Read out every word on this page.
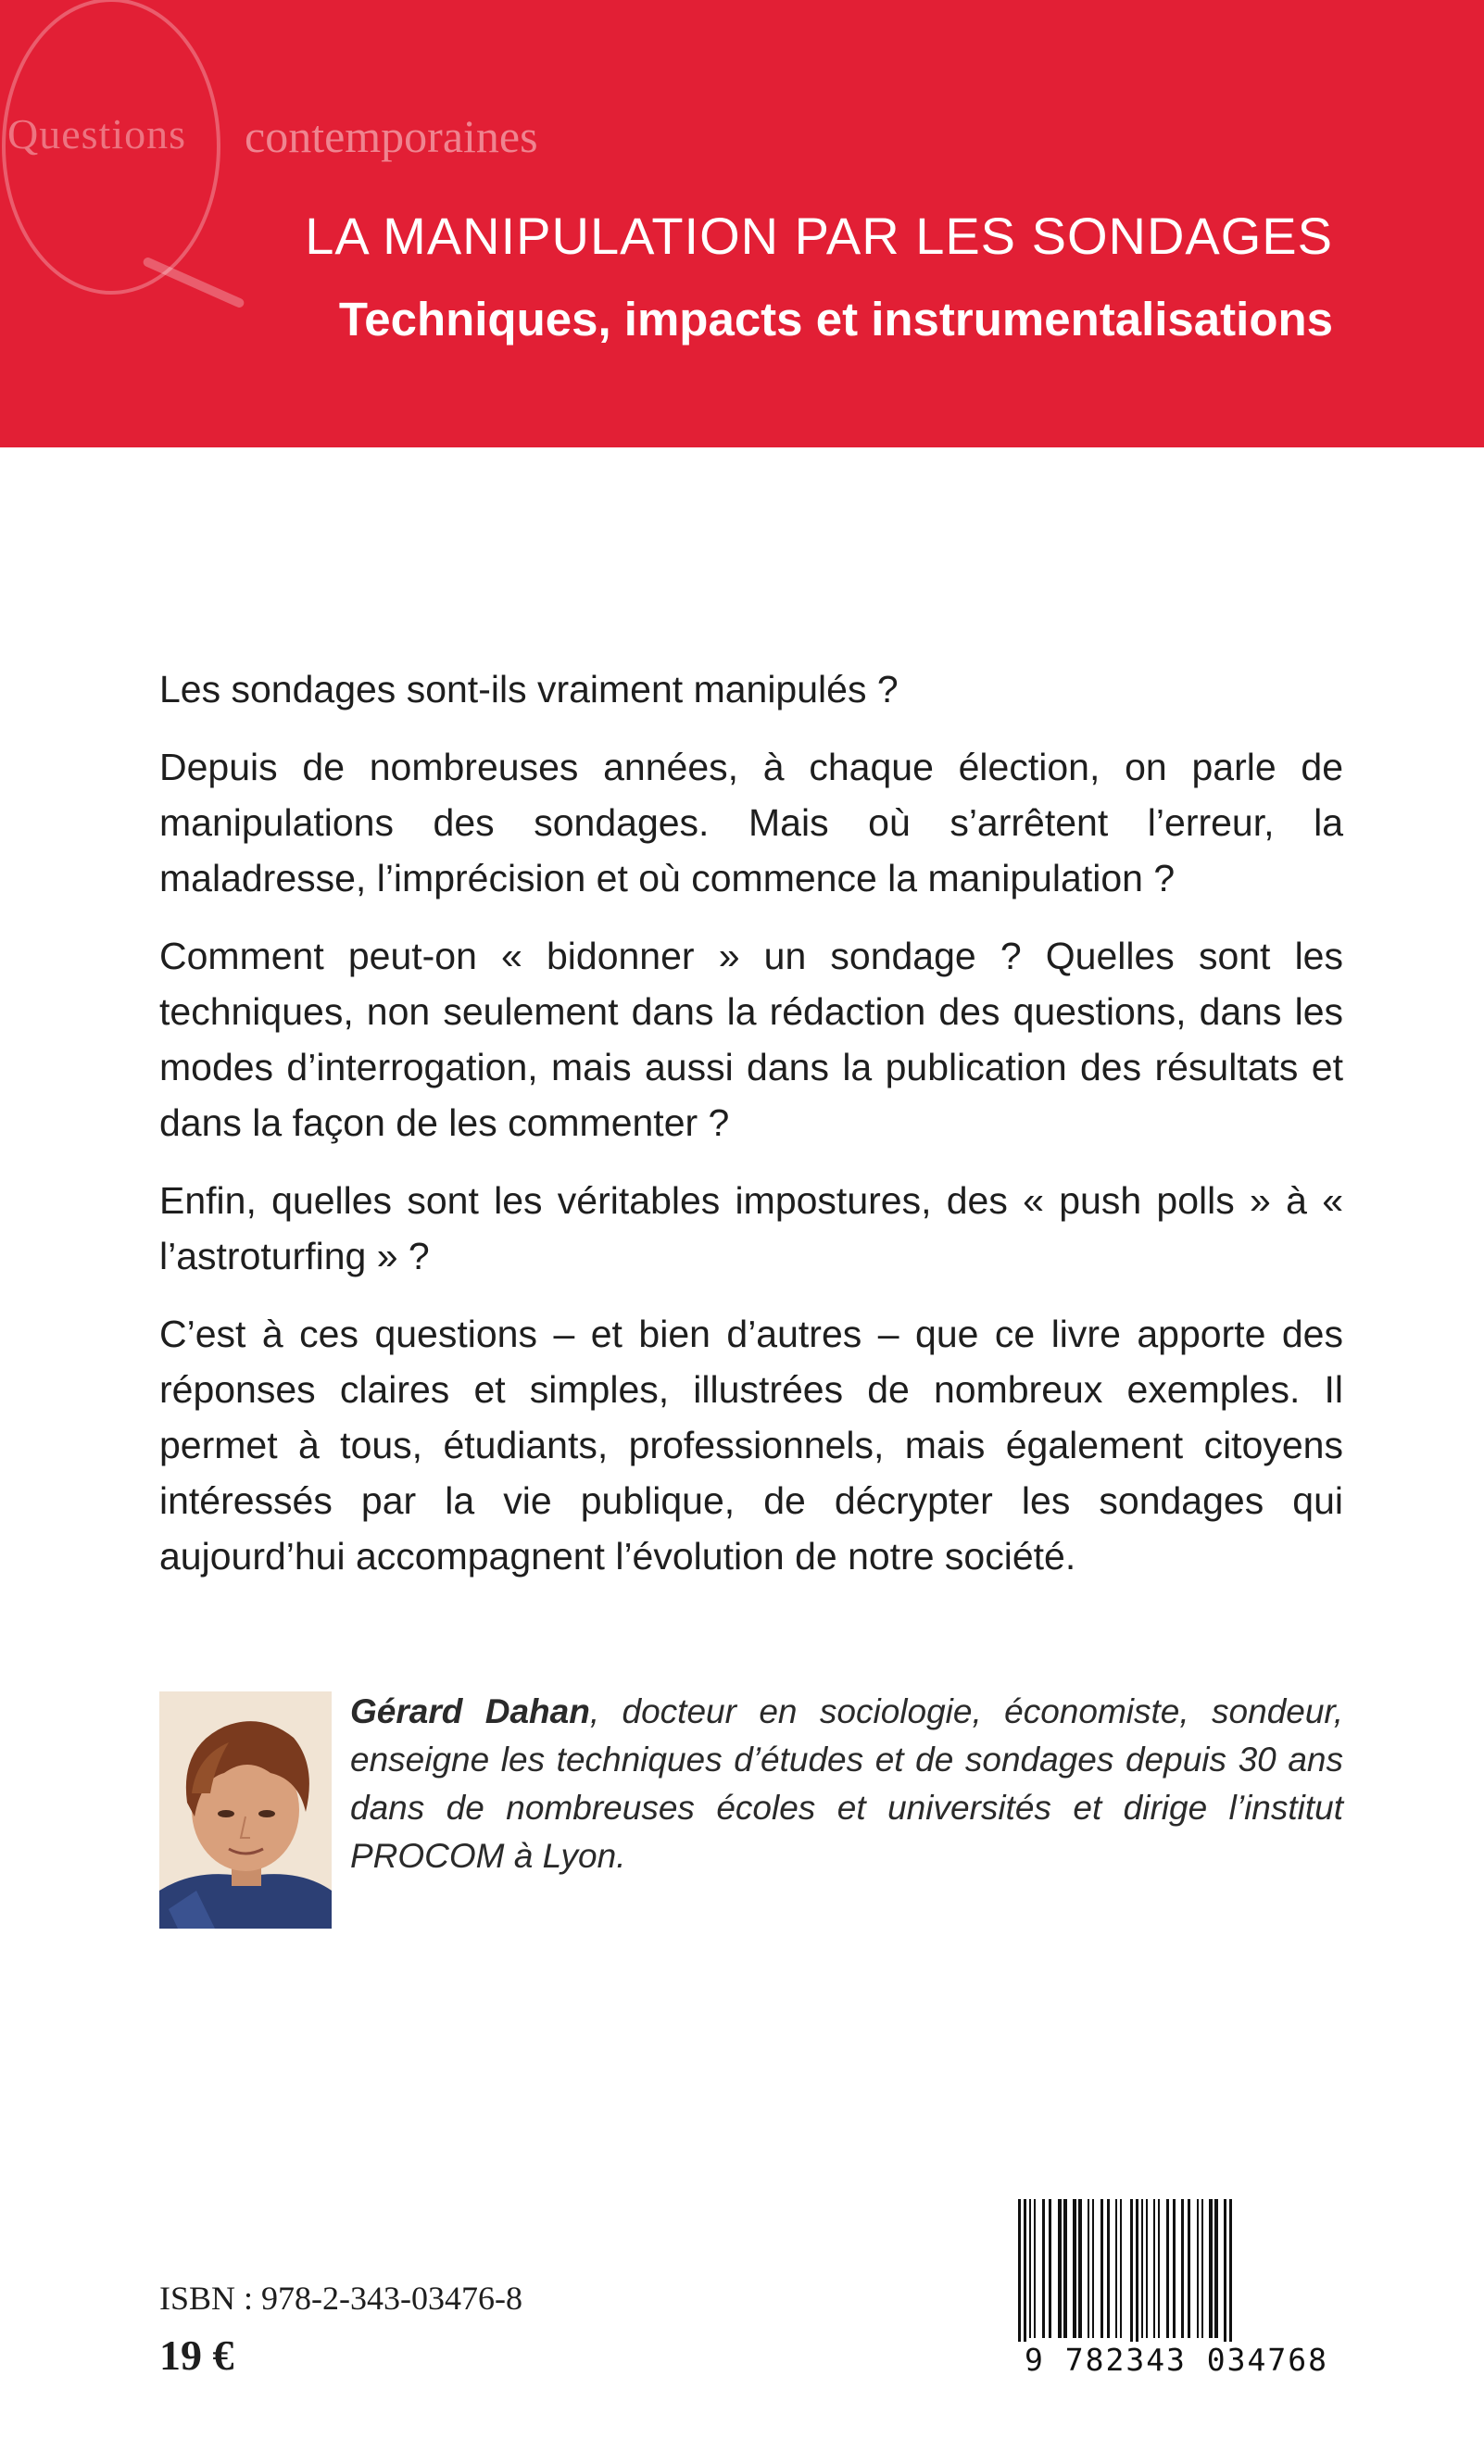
Questions contemporaines
LA MANIPULATION PAR LES SONDAGES
Techniques, impacts et instrumentalisations

Les sondages sont-ils vraiment manipulés ?

Depuis de nombreuses années, à chaque élection, on parle de manipulations des sondages. Mais où s’arrêtent l’erreur, la maladresse, l’imprécision et où commence la manipulation ?

Comment peut-on « bidonner » un sondage ? Quelles sont les techniques, non seulement dans la rédaction des questions, dans les modes d’interrogation, mais aussi dans la publication des résultats et dans la façon de les commenter ?

Enfin, quelles sont les véritables impostures, des « push polls » à « l’astroturfing » ?

C’est à ces questions – et bien d’autres – que ce livre apporte des réponses claires et simples, illustrées de nombreux exemples. Il permet à tous, étudiants, professionnels, mais également citoyens intéressés par la vie publique, de décrypter les sondages qui aujourd’hui accompagnent l’évolution de notre société.

Gérard Dahan, docteur en sociologie, économiste, sondeur, enseigne les techniques d’études et de sondages depuis 30 ans dans de nombreuses écoles et universités et dirige l’institut PROCOM à Lyon.
ISBN : 978-2-343-03476-8
19 €	9 782343 034768
